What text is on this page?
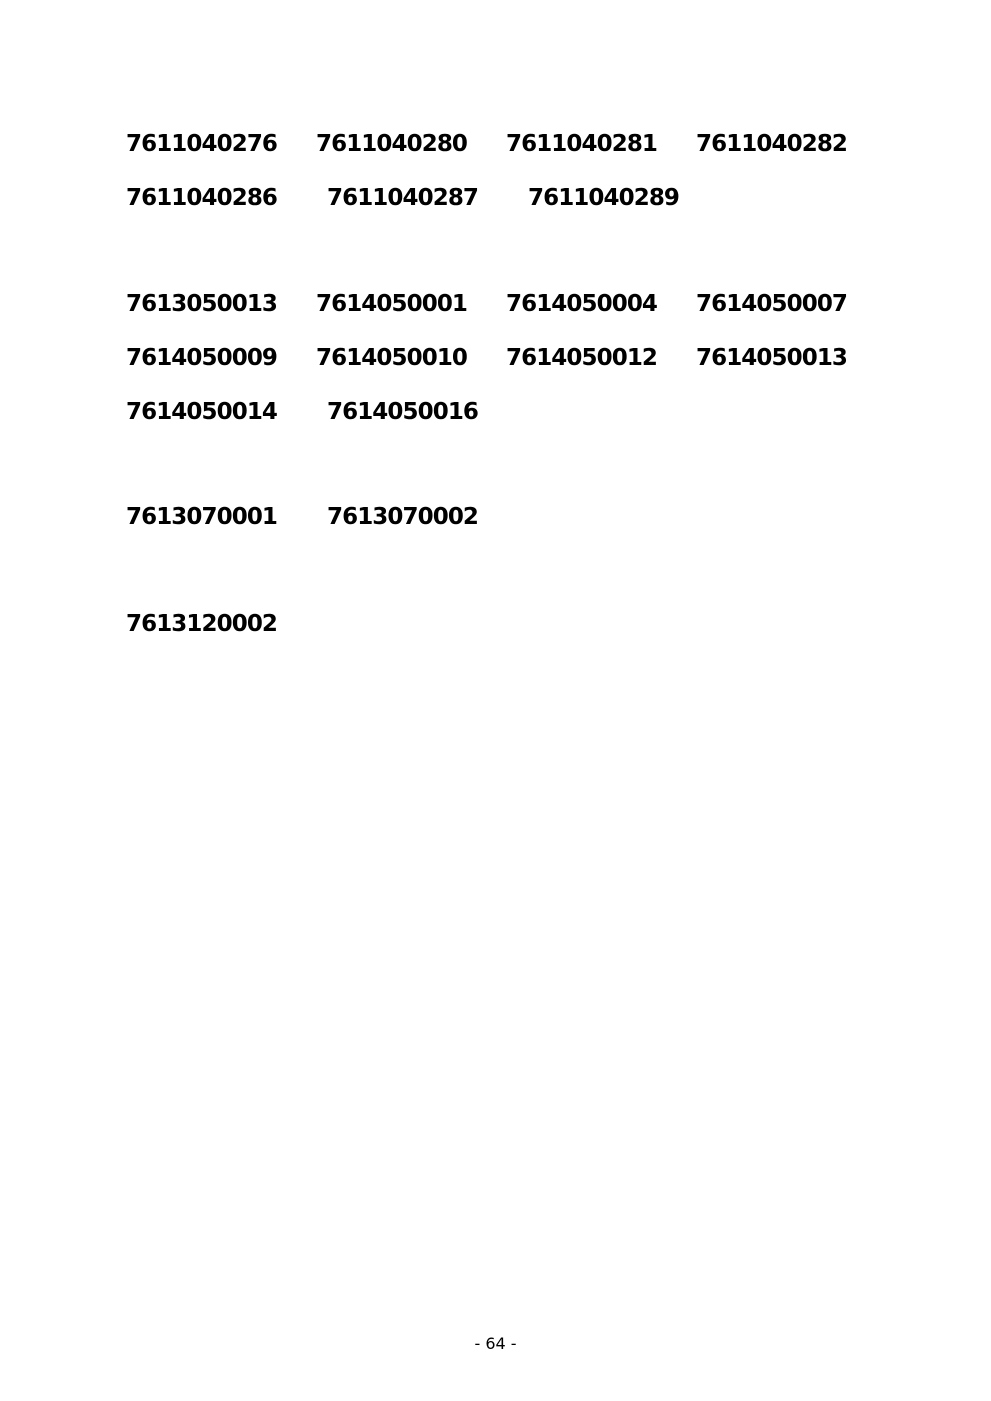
7611040276	7611040280	7611040281	7611040282
7611040286	7611040287	7611040289
7613050013	7614050001	7614050004	7614050007
7614050009	7614050010	7614050012	7614050013
7614050014	7614050016
7613070001	7613070002
7613120002
- 64 -
